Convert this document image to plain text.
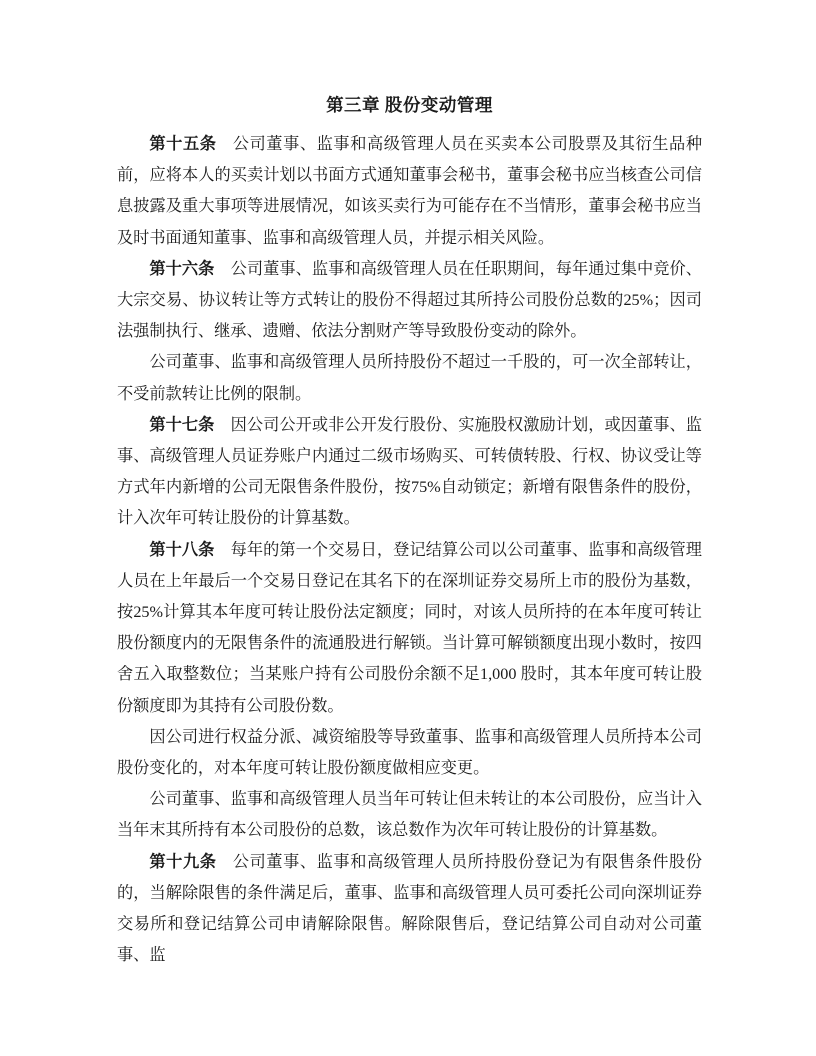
第三章 股份变动管理

第十五条 公司董事、监事和高级管理人员在买卖本公司股票及其衍生品种前，应将本人的买卖计划以书面方式通知董事会秘书，董事会秘书应当核查公司信息披露及重大事项等进展情况，如该买卖行为可能存在不当情形，董事会秘书应当及时书面通知董事、监事和高级管理人员，并提示相关风险。

第十六条 公司董事、监事和高级管理人员在任职期间，每年通过集中竞价、大宗交易、协议转让等方式转让的股份不得超过其所持公司股份总数的25%；因司法强制执行、继承、遗赠、依法分割财产等导致股份变动的除外。

公司董事、监事和高级管理人员所持股份不超过一千股的，可一次全部转让，不受前款转让比例的限制。

第十七条 因公司公开或非公开发行股份、实施股权激励计划，或因董事、监事、高级管理人员证券账户内通过二级市场购买、可转债转股、行权、协议受让等方式年内新增的公司无限售条件股份，按75%自动锁定；新增有限售条件的股份，计入次年可转让股份的计算基数。

第十八条 每年的第一个交易日，登记结算公司以公司董事、监事和高级管理人员在上年最后一个交易日登记在其名下的在深圳证券交易所上市的股份为基数，按25%计算其本年度可转让股份法定额度；同时，对该人员所持的在本年度可转让股份额度内的无限售条件的流通股进行解锁。当计算可解锁额度出现小数时，按四舍五入取整数位；当某账户持有公司股份余额不足1,000 股时，其本年度可转让股份额度即为其持有公司股份数。

因公司进行权益分派、减资缩股等导致董事、监事和高级管理人员所持本公司股份变化的，对本年度可转让股份额度做相应变更。

公司董事、监事和高级管理人员当年可转让但未转让的本公司股份，应当计入当年末其所持有本公司股份的总数，该总数作为次年可转让股份的计算基数。

第十九条 公司董事、监事和高级管理人员所持股份登记为有限售条件股份的，当解除限售的条件满足后，董事、监事和高级管理人员可委托公司向深圳证券交易所和登记结算公司申请解除限售。解除限售后，登记结算公司自动对公司董事、监
